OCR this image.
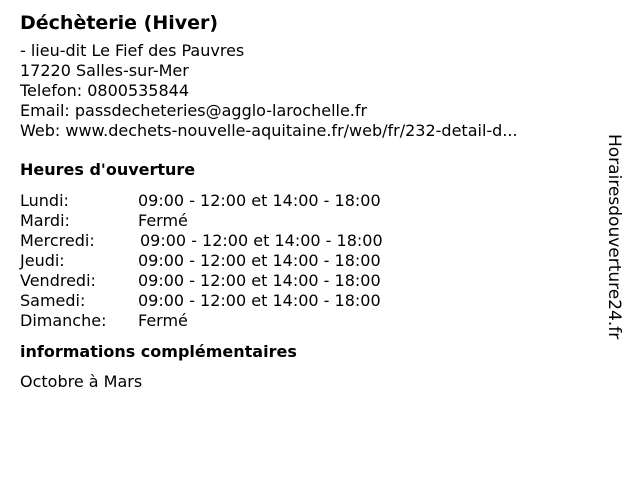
Déchèterie (Hiver)
- lieu-dit Le Fief des Pauvres
17220 Salles-sur-Mer
Telefon: 0800535844
Email: passdecheteries@agglo-larochelle.fr
Web: www.dechets-nouvelle-aquitaine.fr/web/fr/232-detail-d...
Heures d'ouverture
Lundi:	09:00 - 12:00 et 14:00 - 18:00
Mardi:	Fermé
Mercredi:	09:00 - 12:00 et 14:00 - 18:00
Jeudi:	09:00 - 12:00 et 14:00 - 18:00
Vendredi:	09:00 - 12:00 et 14:00 - 18:00
Samedi:	09:00 - 12:00 et 14:00 - 18:00
Dimanche:	Fermé
informations complémentaires
Octobre à Mars
Horairesdouverture24.fr
